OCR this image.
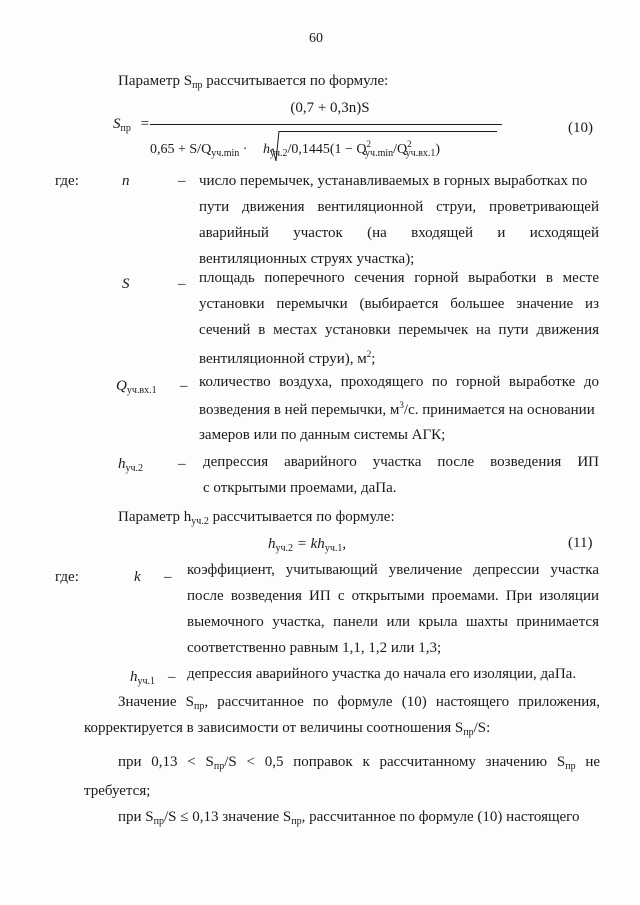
60
Параметр $S_{пр}$ рассчитывается по формуле:
$S_{пр}$ =
(0,7 + 0,3n)S
$0,65 + S/Q_{уч.min} \cdot h_{уч.2}/0,1445(1 - Q^2_{уч.min}/Q^2_{уч.вх.1})$
(10)
где:	n	– число перемычек, устанавливаемых в горных выработках по
пути движения вентиляционной струи, проветривающей
аварийный участок (на входящей и исходящей
вентиляционных струях участка);
S	– площадь поперечного сечения горной выработки в месте
установки перемычки (выбирается большее значение из
сечений в местах установки перемычек на пути движения
вентиляционной струи), $м^2$;
$Q_{уч.вх.1}$ – количество воздуха, проходящего по горной выработке до
возведения в ней перемычки, $м^3/с$. принимается на основании
замеров или по данным системы АГК;
$h_{уч.2}$ – депрессия аварийного участка после возведения ИП
с открытыми проемами, даПа.
Параметр $h_{уч.2}$ рассчитывается по формуле:
$h_{уч.2} = kh_{уч.1}$,	(11)
где:	k – коэффициент, учитывающий увеличение депрессии участка
после возведения ИП с открытыми проемами. При изоляции
выемочного участка, панели или крыла шахты принимается
соответственно равным 1,1, 1,2 или 1,3;
$h_{уч.1}$ – депрессия аварийного участка до начала его изоляции, даПа.
Значение $S_{пр}$, рассчитанное по формуле (10) настоящего приложения,
корректируется в зависимости от величины соотношения $S_{пр}/S$:
при $0,13 < S_{пр}/S < 0,5$ поправок к рассчитанному значению $S_{пр}$ не
требуется;
при $S_{пр}/S \le 0,13$ значение $S_{пр}$, рассчитанное по формуле (10) настоящего
